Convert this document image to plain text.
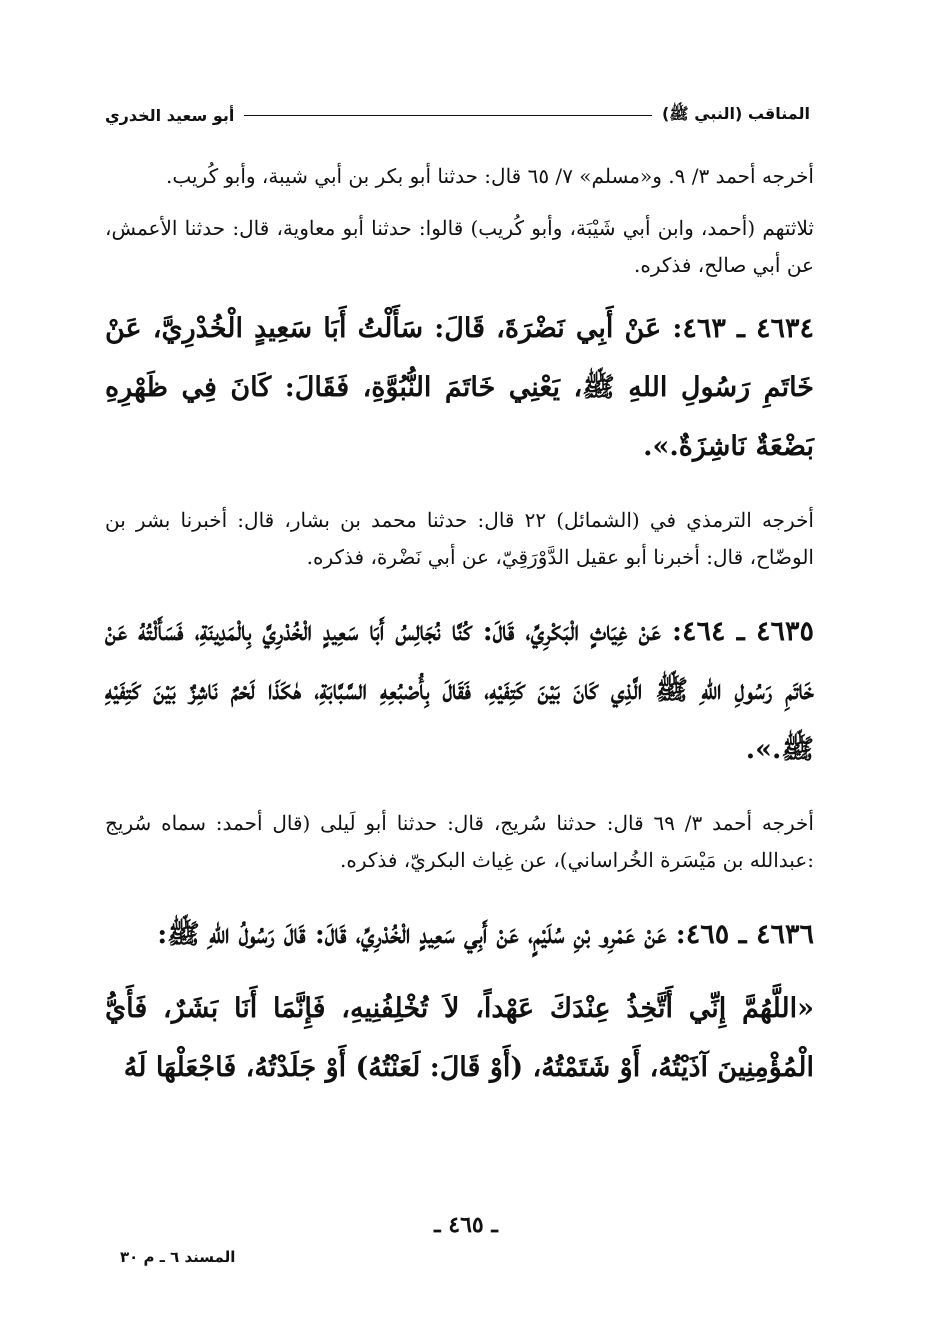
المناقب (النبي ﷺ)
أبو سعيد الخدري

أخرجه أحمد ٣/ ٩. و«مسلم» ٧/ ٦٥ قال: حدثنا أبو بكر بن أبي شيبة، وأبو كُريب.

ثلاثتهم (أحمد، وابن أبي شَيْبَة، وأبو كُريب) قالوا: حدثنا أبو معاوية، قال: حدثنا الأعمش، عن أبي صالح، فذكره.

٤٦٣٤ ـ ٤٦٣: عَنْ أَبِي نَضْرَةَ، قَالَ: سَأَلْتُ أَبَا سَعِيدٍ الْخُدْرِيَّ، عَنْ خَاتَمِ رَسُولِ اللهِ ﷺ، يَعْنِي خَاتَمَ النُّبُوَّةِ، فَقَالَ: كَانَ فِي ظَهْرِهِ بَضْعَةٌ نَاشِزَةٌ.».

أخرجه الترمذي في (الشمائل) ٢٢ قال: حدثنا محمد بن بشار، قال: أخبرنا بشر بن الوضّاح، قال: أخبرنا أبو عقيل الدَّوْرَقِيّ، عن أبي نَضْرة، فذكره.

٤٦٣٥ ـ ٤٦٤: عَنْ غِيَاثٍ الْبَكْرِيِّ، قَالَ: كُنَّا نُجَالِسُ أَبَا سَعِيدٍ الْخُدْرِيَّ بِالْمَدِينَةِ، فَسَأَلْتُهُ عَنْ خَاتَمِ رَسُولِ اللهِ ﷺ الَّذِي كَانَ بَيْنَ كَتِفَيْهِ، فَقَالَ بِأُصْبُعِهِ السَّبَّابَةِ، هٰكَذَا لَحْمٌ نَاشِزٌ بَيْنَ كَتِفَيْهِ ﷺ.».

أخرجه أحمد ٣/ ٦٩ قال: حدثنا سُريج، قال: حدثنا أبو لَيلى (قال أحمد: سماه سُريج :عبدالله بن مَيْسَرة الخُراساني)، عن غِياث البكريّ، فذكره.

٤٦٣٦ ـ ٤٦٥: عَنْ عَمْرِو بْنِ سُلَيْمٍ، عَنْ أَبِي سَعِيدٍ الْخُدْرِيِّ، قَالَ: قَالَ رَسُولُ اللهِ ﷺ:

«اللَّهُمَّ إِنِّي أَتَّخِذُ عِنْدَكَ عَهْداً، لاَ تُخْلِفُنِيهِ، فَإِنَّمَا أَنَا بَشَرٌ، فَأَيُّ الْمُؤْمِنِينَ آذَيْتُهُ، أَوْ شَتَمْتُهُ، (أَوْ قَالَ: لَعَنْتُهُ) أَوْ جَلَدْتُهُ، فَاجْعَلْهَا لَهُ

ـ ٤٦٥ ـ
المسند ٦ ـ م ٣٠
